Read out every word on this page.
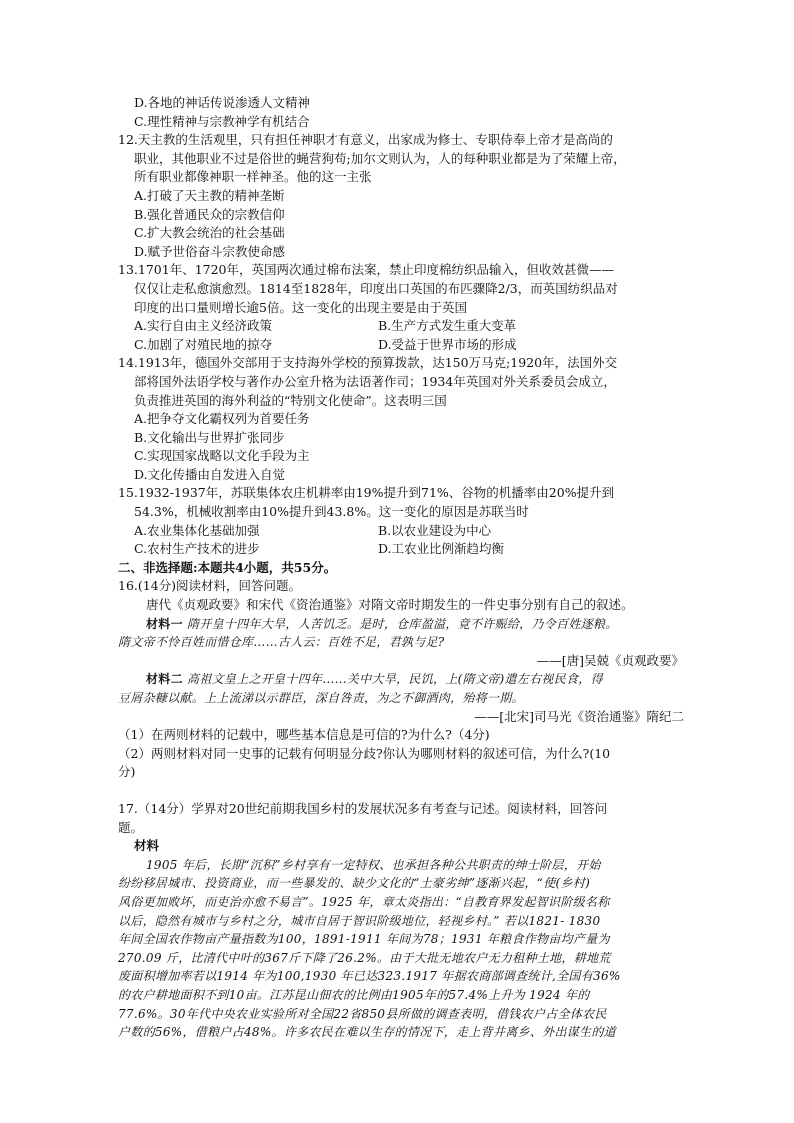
D.各地的神话传说渗透人文精神
C.理性精神与宗教神学有机结合
12.天主教的生活观里，只有担任神职才有意义，出家成为修士、专职侍奉上帝才是高尚的
职业，其他职业不过是俗世的蝇营狗苟;加尔文则认为，人的每种职业都是为了荣耀上帝，
所有职业都像神职一样神圣。他的这一主张
A.打破了天主教的精神垄断
B.强化普通民众的宗教信仰
C.扩大教会统治的社会基础
D.赋予世俗奋斗宗教使命感
13.1701年、1720年，英国两次通过棉布法案，禁止印度棉纺织品输入，但收效甚微——
仅仅让走私愈演愈烈。1814至1828年，印度出口英国的布匹骤降2/3，而英国纺织品对
印度的出口量则增长逾5倍。这一变化的出现主要是由于英国
A.实行自由主义经济政策	B.生产方式发生重大变革
C.加剧了对殖民地的掠夺	D.受益于世界市场的形成
14.1913年，德国外交部用于支持海外学校的预算拨款，达150万马克;1920年，法国外交
部将国外法语学校与著作办公室升格为法语著作司；1934年英国对外关系委员会成立，
负责推进英国的海外利益的“特别文化使命”。这表明三国
A.把争夺文化霸权列为首要任务
B.文化输出与世界扩张同步
C.实现国家战略以文化手段为主
D.文化传播由自发进入自觉
15.1932-1937年，苏联集体农庄机耕率由19%提升到71%、谷物的机播率由20%提升到
54.3%，机械收割率由10%提升到43.8%。这一变化的原因是苏联当时
A.农业集体化基础加强	B.以农业建设为中心
C.农村生产技术的进步	D.工农业比例渐趋均衡
二、非选择题:本题共4小题，共55分。
16.(14分)阅读材料，回答问题。
唐代《贞观政要》和宋代《资治通鉴》对隋文帝时期发生的一件史事分别有自己的叙述。
材料一 隋开皇十四年大旱，人苦饥乏。是时，仓库盈溢，竟不许赈给，乃令百姓逐粮。
隋文帝不怜百姓而惜仓库……古人云：百姓不足，君孰与足?
——[唐]吴兢《贞观政要》
材料二 高祖文皇上之开皇十四年……关中大旱，民饥，上(隋文帝)遣左右视民食，得
豆屑杂糠以献。上上流涕以示群臣，深自咎责，为之不御酒肉，殆将一期。
——[北宋]司马光《资治通鉴》隋纪二
（1）在两则材料的记载中，哪些基本信息是可信的?为什么?（4分)
（2）两则材料对同一史事的记载有何明显分歧?你认为哪则材料的叙述可信，为什么?(10
分)
17.（14分）学界对20世纪前期我国乡村的发展状况多有考查与记述。阅读材料，回答问
题。
材料
1905 年后，长期“沉积”乡村享有一定特权、也承担各种公共职责的绅士阶层，开始
纷纷移居城市、投资商业，而一些暴发的、缺少文化的“土豪劣绅”逐渐兴起，“使(乡村)
风俗更加败坏，而吏治亦愈不易言”。1925 年，章太炎指出：“自教育界发起智识阶级名称
以后，隐然有城市与乡村之分，城市自居于智识阶级地位，轻视乡村。” 若以1821- 1830
年间全国农作物亩产量指数为100，1891-1911 年间为78；1931 年粮食作物亩均产量为
270.09 斤，比清代中叶的367斤下降了26.2%。由于大批无地农户无力租种土地，耕地荒
废面积增加率若以1914 年为100,1930 年已达323.1917 年据农商部调查统计,全国有36%
的农户耕地面积不到10亩。江苏昆山佃农的比例由1905年的57.4%上升为 1924 年的
77.6%。30年代中央农业实验所对全国22省850县所做的调查表明，借钱农户占全体农民
户数的56%，借粮户占48%。许多农民在难以生存的情况下，走上背井离乡、外出谋生的道
